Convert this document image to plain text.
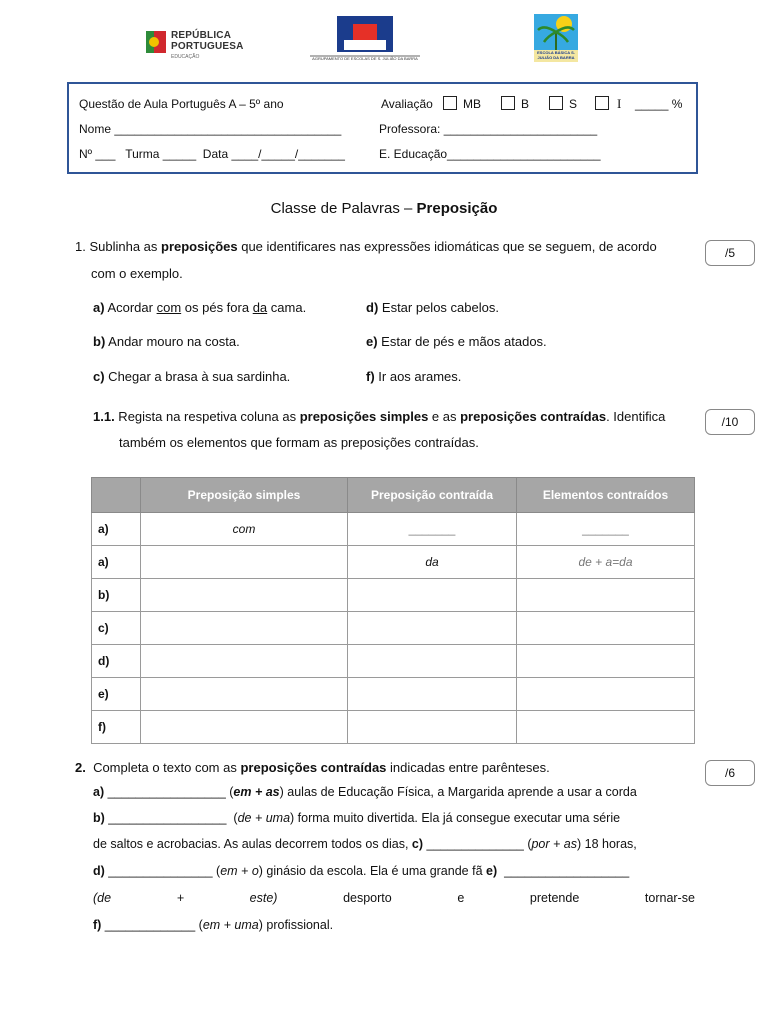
REPÚBLICA
PORTUGUESA
EDUCAÇÃO	AGRUPAMENTO DE ESCOLAS DE S. JULIÃO DA BARRA
ESCOLA BÁSICA S. JULIÃO DA BARRA
Questão de Aula Português A – 5º ano	Avaliação	MB	B	S	I _____ %
Nome __________________________________	Professora: _______________________
Nº ___   Turma _____  Data ____/_____/_______	E. Educação_______________________
Classe de Palavras – Preposição
1. Sublinha as preposições que identificares nas expressões idiomáticas que se seguem, de acordo
com o exemplo.
/5
a) Acordar com os pés fora da cama.
b) Andar mouro na costa.
c) Chegar a brasa à sua sardinha.
d) Estar pelos cabelos.
e) Estar de pés e mãos atados.
f) Ir aos arames.
1.1. Regista na respetiva coluna as preposições simples e as preposições contraídas. Identifica
também os elementos que formam as preposições contraídas.
/10
	Preposição simples	Preposição contraída	Elementos contraídos
a)	com	_______	_______
a)		da	de + a=da
b)			
c)			
d)			
e)			
f)			
2.  Completa o texto com as preposições contraídas indicadas entre parênteses.	/6
a) _________________ (em + as) aulas de Educação Física, a Margarida aprende a usar a corda
b) _________________  (de + uma) forma muito divertida. Ela já consegue executar uma série
de saltos e acrobacias. As aulas decorrem todos os dias, c) ______________ (por + as) 18 horas,
d) _______________ (em + o) ginásio da escola. Ela é uma grande fã e)  __________________
(de	+	este)	desporto	e	pretende	tornar-se
f) _____________ (em + uma) profissional.
